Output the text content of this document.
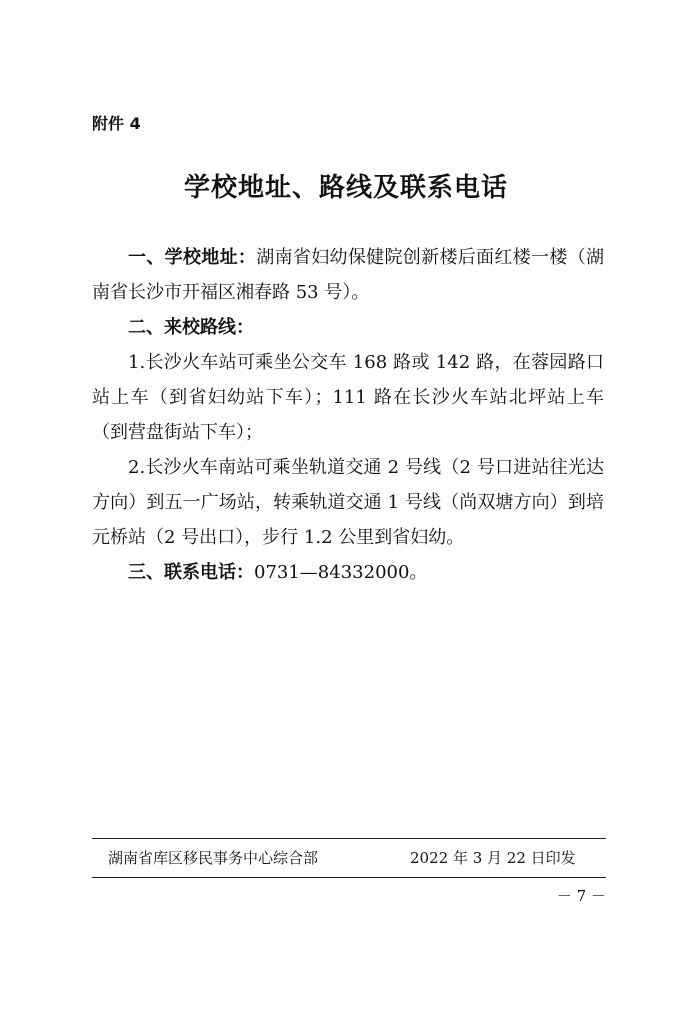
附件 4

学校地址、路线及联系电话

一、学校地址：湖南省妇幼保健院创新楼后面红楼一楼（湖南省长沙市开福区湘春路 53 号）。

二、来校路线：

1.长沙火车站可乘坐公交车 168 路或 142 路，在蓉园路口站上车（到省妇幼站下车）；111 路在长沙火车站北坪站上车（到营盘街站下车）；

2.长沙火车南站可乘坐轨道交通 2 号线（2 号口进站往光达方向）到五一广场站，转乘轨道交通 1 号线（尚双塘方向）到培元桥站（2 号出口），步行 1.2 公里到省妇幼。

三、联系电话：0731—84332000。

湖南省库区移民事务中心综合部	2022 年 3 月 22 日印发
－ 7 －
